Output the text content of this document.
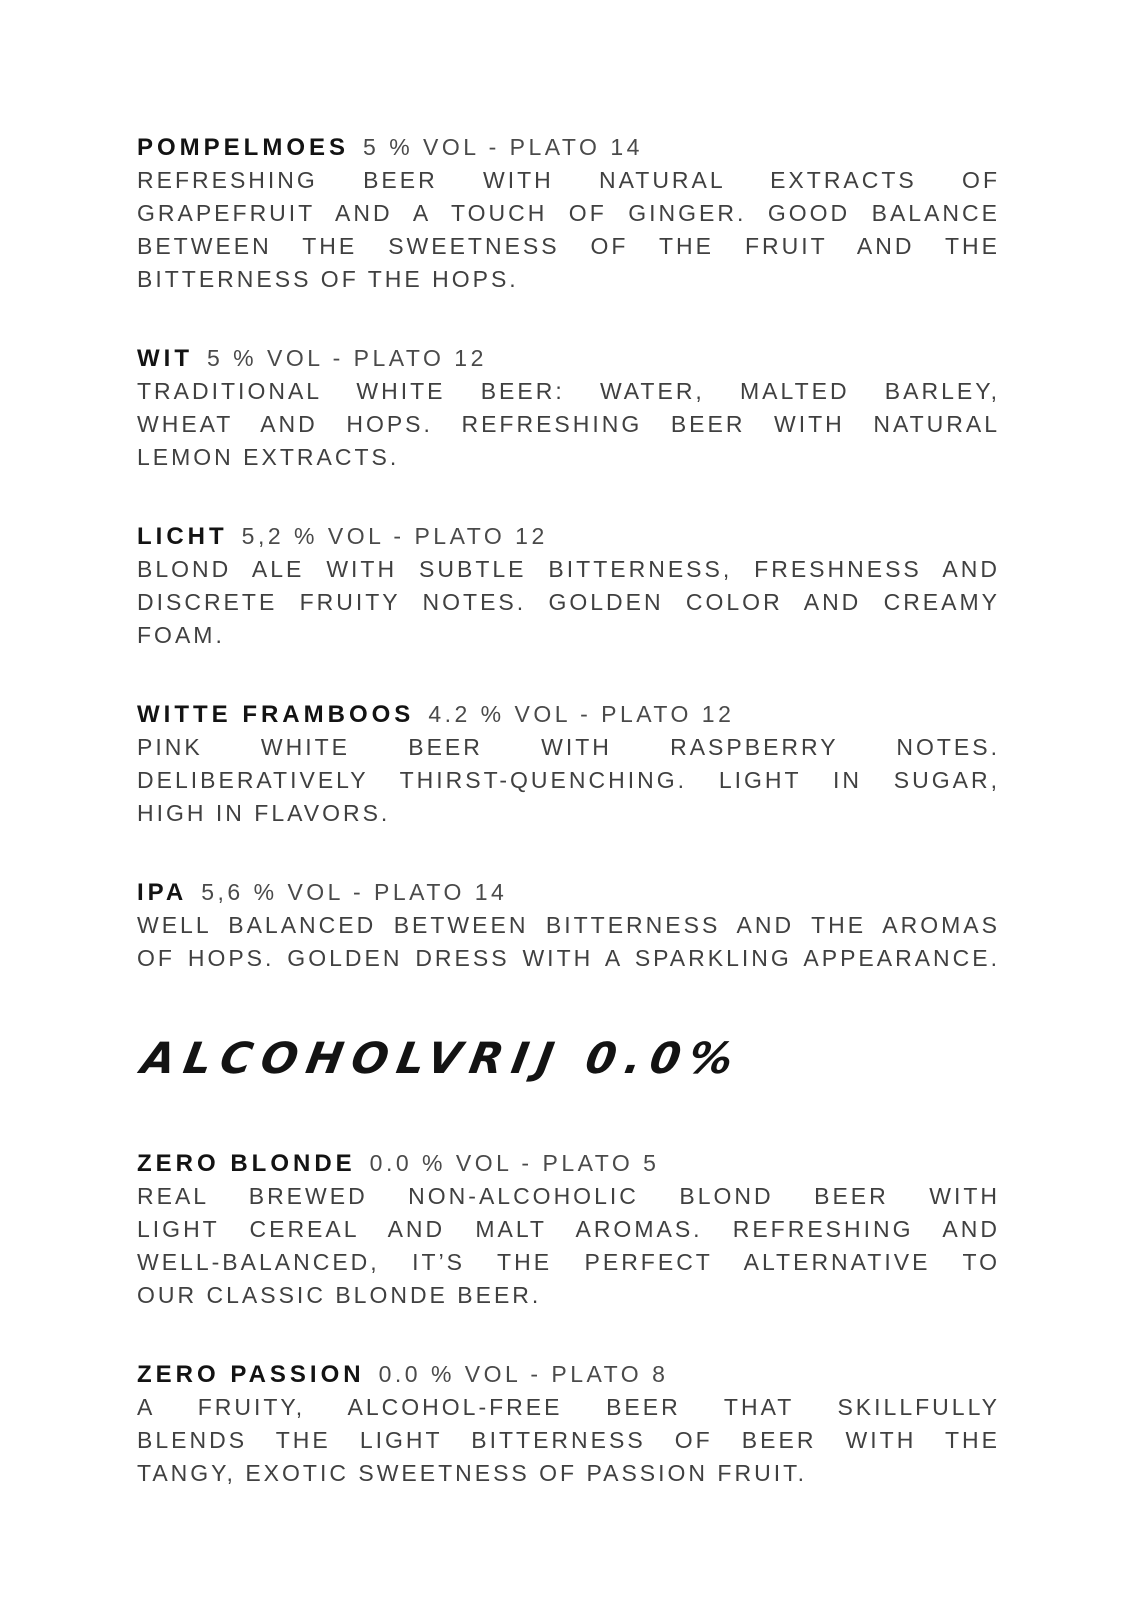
POMPELMOES 5 % VOL - PLATO 14
REFRESHING BEER WITH NATURAL EXTRACTS OF
GRAPEFRUIT AND A TOUCH OF GINGER. GOOD BALANCE
BETWEEN THE SWEETNESS OF THE FRUIT AND THE
BITTERNESS OF THE HOPS.
WIT 5 % VOL - PLATO 12
TRADITIONAL WHITE BEER: WATER, MALTED BARLEY,
WHEAT AND HOPS. REFRESHING BEER WITH NATURAL
LEMON EXTRACTS.
LICHT 5,2 % VOL - PLATO 12
BLOND ALE WITH SUBTLE BITTERNESS, FRESHNESS AND
DISCRETE FRUITY NOTES. GOLDEN COLOR AND CREAMY
FOAM.
WITTE FRAMBOOS 4.2 % VOL - PLATO 12
PINK WHITE BEER WITH RASPBERRY NOTES.
DELIBERATIVELY THIRST-QUENCHING. LIGHT IN SUGAR,
HIGH IN FLAVORS.
IPA 5,6 % VOL - PLATO 14
WELL BALANCED BETWEEN BITTERNESS AND THE AROMAS
OF HOPS. GOLDEN DRESS WITH A SPARKLING APPEARANCE.
ALCOHOLVRIJ 0.0%
ZERO BLONDE 0.0 % VOL - PLATO 5
REAL BREWED NON-ALCOHOLIC BLOND BEER WITH
LIGHT CEREAL AND MALT AROMAS. REFRESHING AND
WELL-BALANCED, IT’S THE PERFECT ALTERNATIVE TO
OUR CLASSIC BLONDE BEER.
ZERO PASSION 0.0 % VOL - PLATO 8
A FRUITY, ALCOHOL-FREE BEER THAT SKILLFULLY
BLENDS THE LIGHT BITTERNESS OF BEER WITH THE
TANGY, EXOTIC SWEETNESS OF PASSION FRUIT.
